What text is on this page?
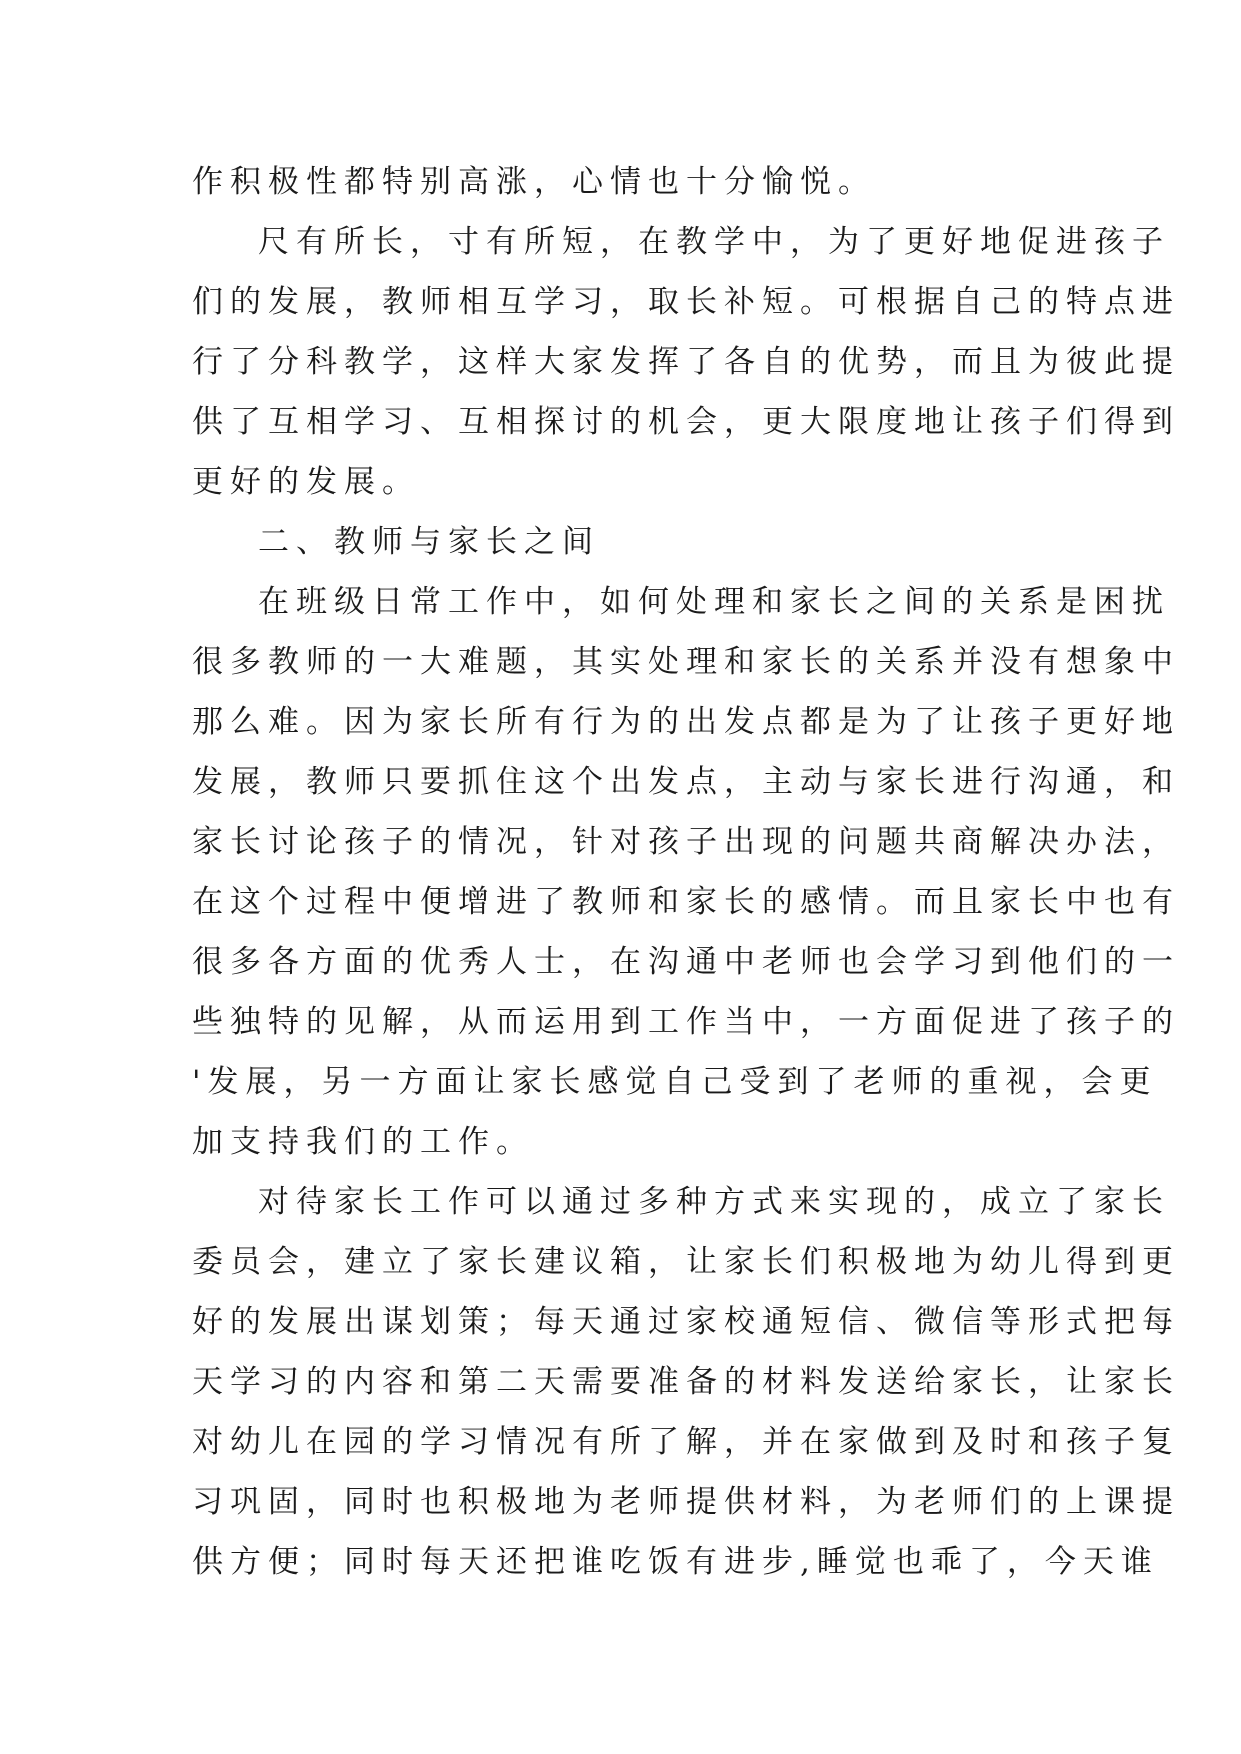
作积极性都特别高涨，心情也十分愉悦。
尺有所长，寸有所短，在教学中，为了更好地促进孩子
们的发展，教师相互学习，取长补短。可根据自己的特点进
行了分科教学，这样大家发挥了各自的优势，而且为彼此提
供了互相学习、互相探讨的机会，更大限度地让孩子们得到
更好的发展。
二、教师与家长之间
在班级日常工作中，如何处理和家长之间的关系是困扰
很多教师的一大难题，其实处理和家长的关系并没有想象中
那么难。因为家长所有行为的出发点都是为了让孩子更好地
发展，教师只要抓住这个出发点，主动与家长进行沟通，和
家长讨论孩子的情况，针对孩子出现的问题共商解决办法，
在这个过程中便增进了教师和家长的感情。而且家长中也有
很多各方面的优秀人士，在沟通中老师也会学习到他们的一
些独特的见解，从而运用到工作当中，一方面促进了孩子的
'发展，另一方面让家长感觉自己受到了老师的重视，会更
加支持我们的工作。
对待家长工作可以通过多种方式来实现的，成立了家长
委员会，建立了家长建议箱，让家长们积极地为幼儿得到更
好的发展出谋划策；每天通过家校通短信、微信等形式把每
天学习的内容和第二天需要准备的材料发送给家长，让家长
对幼儿在园的学习情况有所了解，并在家做到及时和孩子复
习巩固，同时也积极地为老师提供材料，为老师们的上课提
供方便；同时每天还把谁吃饭有进步,睡觉也乖了，今天谁
